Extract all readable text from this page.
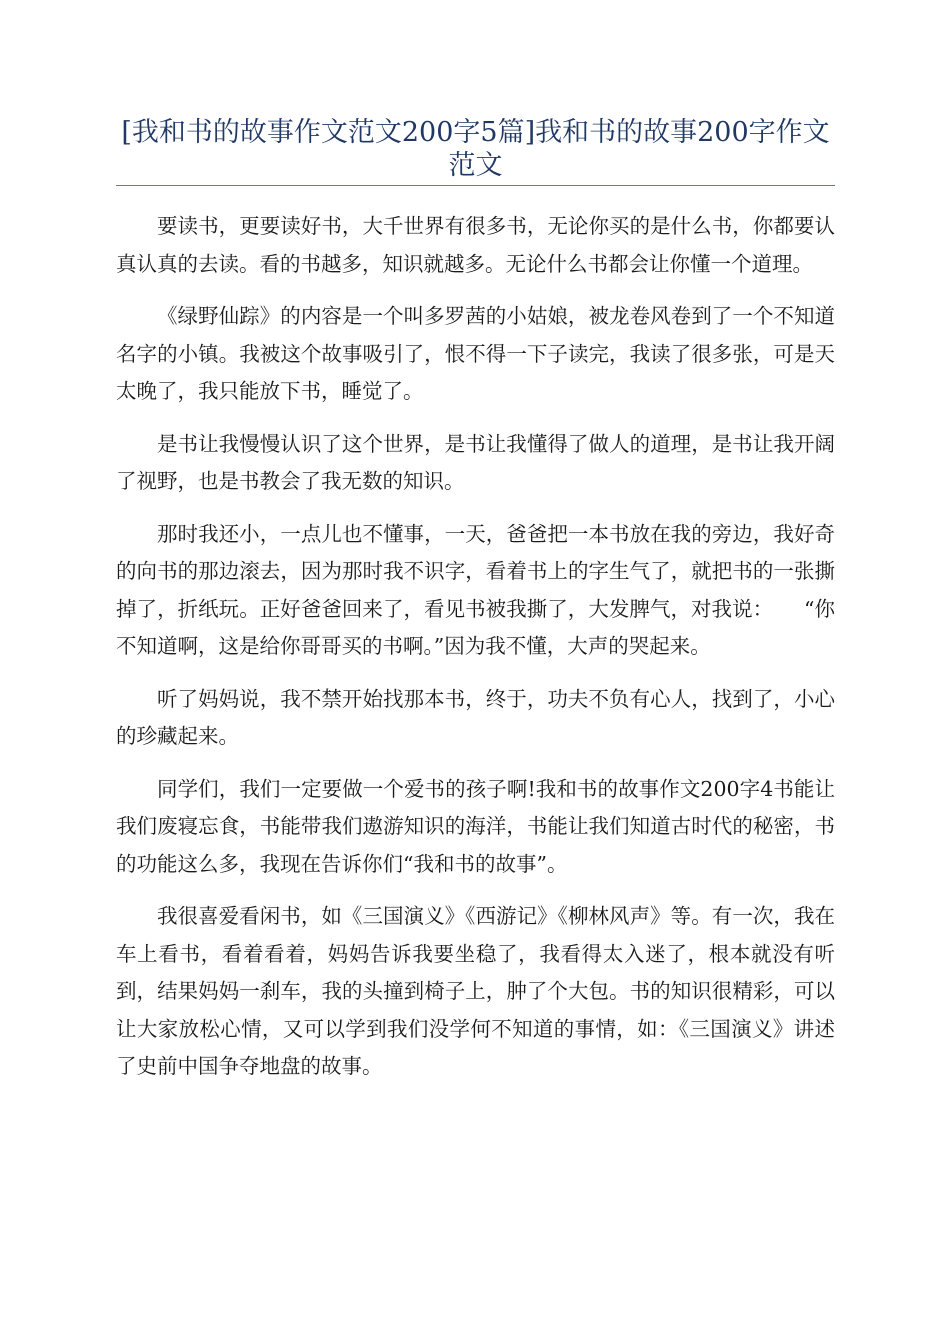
[我和书的故事作文范文200字5篇]我和书的故事200字作文范文

要读书，更要读好书，大千世界有很多书，无论你买的是什么书，你都要认真认真的去读。看的书越多，知识就越多。无论什么书都会让你懂一个道理。

《绿野仙踪》的内容是一个叫多罗茜的小姑娘，被龙卷风卷到了一个不知道名字的小镇。我被这个故事吸引了，恨不得一下子读完，我读了很多张，可是天太晚了，我只能放下书，睡觉了。

是书让我慢慢认识了这个世界，是书让我懂得了做人的道理，是书让我开阔了视野，也是书教会了我无数的知识。

那时我还小，一点儿也不懂事，一天，爸爸把一本书放在我的旁边，我好奇的向书的那边滚去，因为那时我不识字，看着书上的字生气了，就把书的一张撕掉了，折纸玩。正好爸爸回来了，看见书被我撕了，大发脾气，对我说：　　“你不知道啊，这是给你哥哥买的书啊。”因为我不懂，大声的哭起来。

听了妈妈说，我不禁开始找那本书，终于，功夫不负有心人，找到了，小心的珍藏起来。

同学们，我们一定要做一个爱书的孩子啊!我和书的故事作文200字4书能让我们废寝忘食，书能带我们遨游知识的海洋，书能让我们知道古时代的秘密，书的功能这么多，我现在告诉你们“我和书的故事”。

我很喜爱看闲书，如《三国演义》《西游记》《柳林风声》等。有一次，我在车上看书，看着看着，妈妈告诉我要坐稳了，我看得太入迷了，根本就没有听到，结果妈妈一刹车，我的头撞到椅子上，肿了个大包。书的知识很精彩，可以让大家放松心情，又可以学到我们没学何不知道的事情，如：《三国演义》讲述了史前中国争夺地盘的故事。
